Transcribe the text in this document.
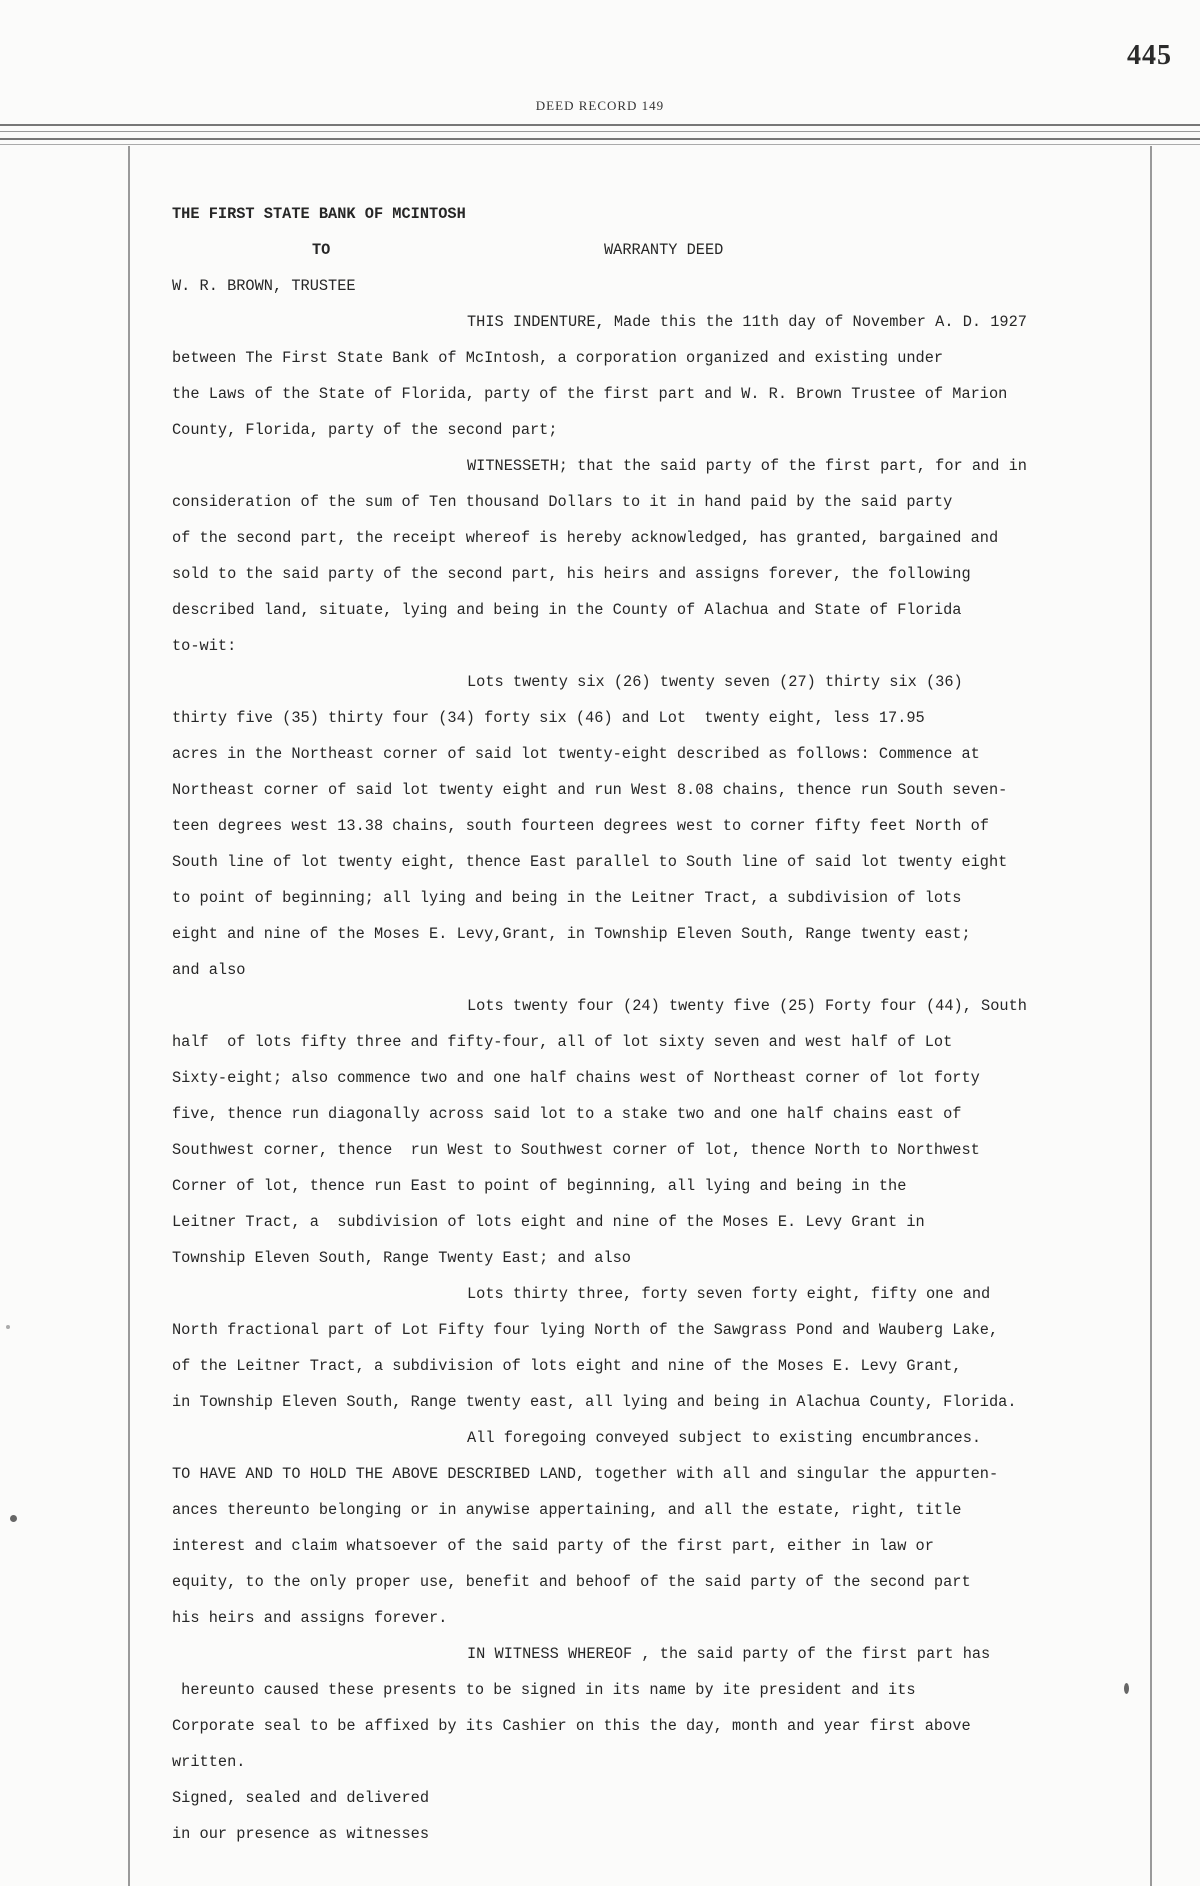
445
DEED RECORD 149
THE FIRST STATE BANK OF MCINTOSH
TO	WARRANTY DEED
W. R. BROWN, TRUSTEE
THIS INDENTURE, Made this the 11th day of November A. D. 1927
between The First State Bank of McIntosh, a corporation organized and existing under
the Laws of the State of Florida, party of the first part and W. R. Brown Trustee of Marion
County, Florida, party of the second part;
WITNESSETH; that the said party of the first part, for and in
consideration of the sum of Ten thousand Dollars to it in hand paid by the said party
of the second part, the receipt whereof is hereby acknowledged, has granted, bargained and
sold to the said party of the second part, his heirs and assigns forever, the following
described land, situate, lying and being in the County of Alachua and State of Florida
to-wit:
Lots twenty six (26) twenty seven (27) thirty six (36)
thirty five (35) thirty four (34) forty six (46) and Lot  twenty eight, less 17.95
acres in the Northeast corner of said lot twenty-eight described as follows: Commence at
Northeast corner of said lot twenty eight and run West 8.08 chains, thence run South seven-
teen degrees west 13.38 chains, south fourteen degrees west to corner fifty feet North of
South line of lot twenty eight, thence East parallel to South line of said lot twenty eight
to point of beginning; all lying and being in the Leitner Tract, a subdivision of lots
eight and nine of the Moses E. Levy,Grant, in Township Eleven South, Range twenty east;
and also
Lots twenty four (24) twenty five (25) Forty four (44), South
half  of lots fifty three and fifty-four, all of lot sixty seven and west half of Lot
Sixty-eight; also commence two and one half chains west of Northeast corner of lot forty
five, thence run diagonally across said lot to a stake two and one half chains east of
Southwest corner, thence  run West to Southwest corner of lot, thence North to Northwest
Corner of lot, thence run East to point of beginning, all lying and being in the
Leitner Tract, a  subdivision of lots eight and nine of the Moses E. Levy Grant in
Township Eleven South, Range Twenty East; and also
Lots thirty three, forty seven forty eight, fifty one and
North fractional part of Lot Fifty four lying North of the Sawgrass Pond and Wauberg Lake,
of the Leitner Tract, a subdivision of lots eight and nine of the Moses E. Levy Grant,
in Township Eleven South, Range twenty east, all lying and being in Alachua County, Florida.
All foregoing conveyed subject to existing encumbrances.
TO HAVE AND TO HOLD THE ABOVE DESCRIBED LAND, together with all and singular the appurten-
ances thereunto belonging or in anywise appertaining, and all the estate, right, title
interest and claim whatsoever of the said party of the first part, either in law or
equity, to the only proper use, benefit and behoof of the said party of the second part
his heirs and assigns forever.
IN WITNESS WHEREOF , the said party of the first part has
hereunto caused these presents to be signed in its name by ite president and its
Corporate seal to be affixed by its Cashier on this the day, month and year first above
written.
Signed, sealed and delivered
in our presence as witnesses
